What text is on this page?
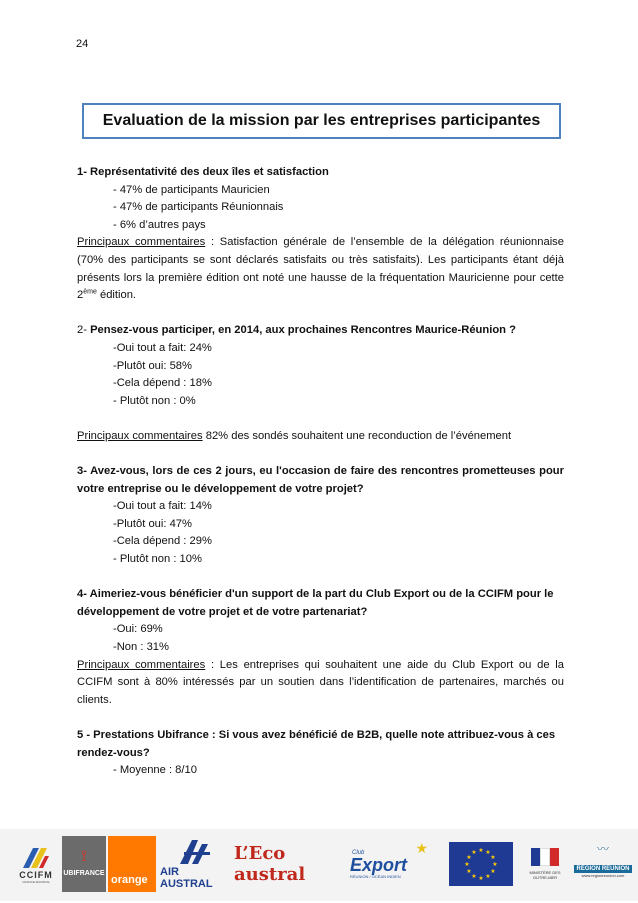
24
Evaluation de la mission par les entreprises participantes

1- Représentativité des deux îles et satisfaction

- 47% de participants Mauricien

- 47% de participants Réunionnais

- 6% d’autres pays

Principaux commentaires : Satisfaction générale de l’ensemble de la délégation réunionnaise (70% des participants se sont déclarés satisfaits ou très satisfaits). Les participants étant déjà présents lors la première édition ont noté une hausse de la fréquentation Mauricienne pour cette 2ème édition.

2- Pensez-vous participer, en 2014, aux prochaines Rencontres Maurice-Réunion ?

-Oui tout a fait: 24%

-Plutôt oui: 58%

-Cela dépend : 18%

- Plutôt non : 0%

Principaux commentaires 82% des sondés souhaitent une reconduction de l’événement

3- Avez-vous, lors de ces 2 jours, eu l'occasion de faire des rencontres prometteuses pour votre entreprise ou le développement de votre projet?

-Oui tout a fait: 14%

-Plutôt oui: 47%

-Cela dépend : 29%

- Plutôt non : 10%

4- Aimeriez-vous bénéficier d'un support de la part du Club Export ou de la CCIFM pour le développement de votre projet et de votre partenariat?

-Oui: 69%

-Non : 31%

Principaux commentaires : Les entreprises qui souhaitent une aide du Club Export ou de la CCIFM sont à 80% intéressés par un soutien dans l’identification de partenaires, marchés ou clients.

5 - Prestations Ubifrance : Si vous avez bénéficié de B2B, quelle note attribuez-vous à ces rendez-vous?

- Moyenne : 8/10

CCIFM
FRANCE MAURICE
⟟
UBIFRANCE
orange
AIR AUSTRAL
L’Eco austral
Club
Export
RÉUNION / OCÉAN INDIEN
★	★ ★
★
★
★
★
★
★
★
★
★
★
MINISTÈRE DES OUTRE-MER
〰
RÉGION RÉUNION
www.regionreunion.com
